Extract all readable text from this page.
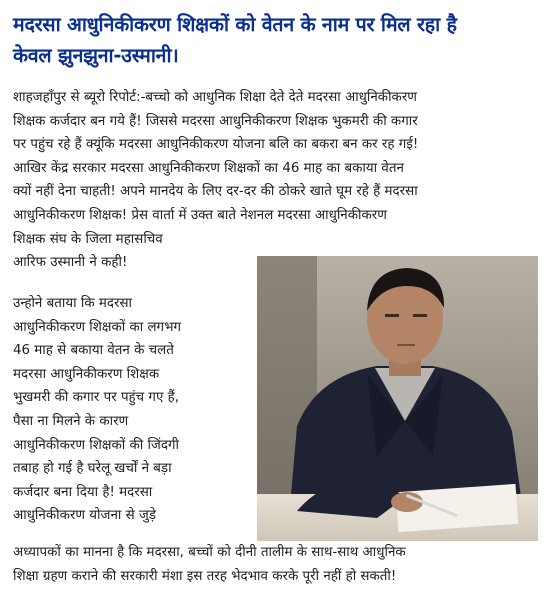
मदरसा आधुनिकीकरण शिक्षकों को वेतन के नाम पर मिल रहा है
केवल झुनझुना-उस्मानी।
शाहजहाँपुर से ब्यूरो रिपोर्ट:-बच्चो को आधुनिक शिक्षा देते देते मदरसा आधुनिकीकरण
शिक्षक कर्जदार बन गये हैं! जिससे मदरसा आधुनिकीकरण शिक्षक भुकमरी की कगार
पर पहुंच रहे हैं क्यूंकि मदरसा आधुनिकीकरण योजना बलि का बकरा बन कर रह गई!
आखिर केंद्र सरकार मदरसा आधुनिकीकरण शिक्षकों का 46 माह का बकाया वेतन
क्यों नहीं देना चाहती! अपने मानदेय के लिए दर-दर की ठोकरे खाते घूम रहे हैं मदरसा
आधुनिकीकरण शिक्षक! प्रेस वार्ता में उक्त बाते नेशनल मदरसा आधुनिकीकरण
शिक्षक संघ के जिला महासचिव
आरिफ उस्मानी ने कही!
उन्होने बताया कि मदरसा
आधुनिकीकरण शिक्षकों का लगभग
46 माह से बकाया वेतन के चलते
मदरसा आधुनिकीकरण शिक्षक
भुखमरी की कगार पर पहुंच गए हैं,
पैसा ना मिलने के कारण
आधुनिकीकरण शिक्षकों की जिंदगी
तबाह हो गई है घरेलू खर्चों ने बड़ा
कर्जदार बना दिया है! मदरसा
आधुनिकीकरण योजना से जुड़े
अध्यापकों का मानना है कि मदरसा, बच्चों को दीनी तालीम के साथ-साथ आधुनिक
शिक्षा ग्रहण कराने की सरकारी मंशा इस तरह भेदभाव करके पूरी नहीं हो सकती!
